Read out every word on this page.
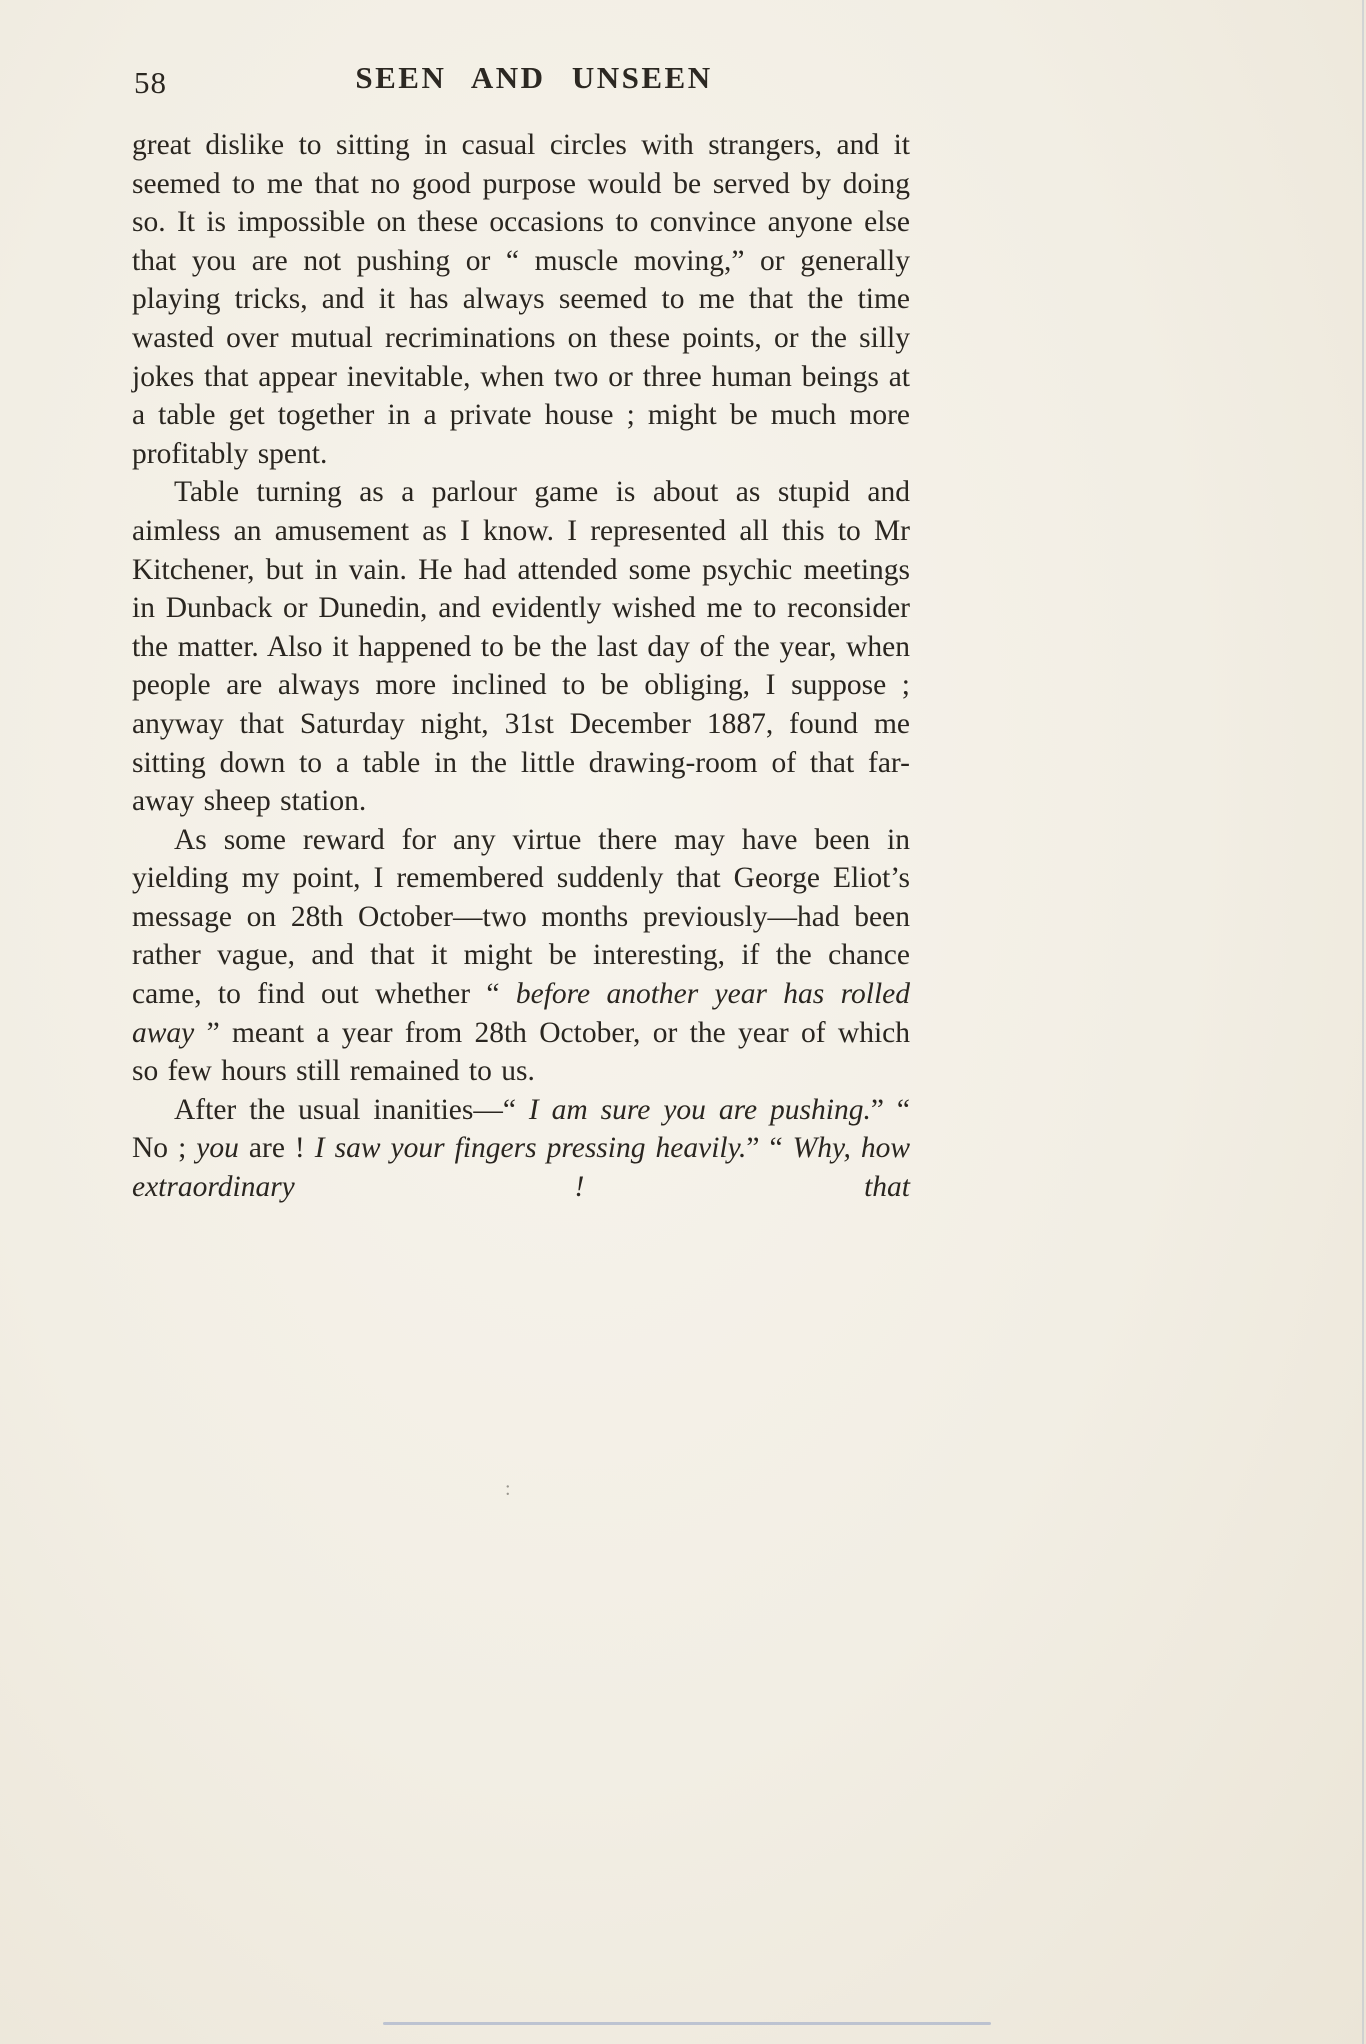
58	SEEN AND UNSEEN

great dislike to sitting in casual circles with strangers, and it seemed to me that no good purpose would be served by doing so. It is impossible on these occasions to convince anyone else that you are not pushing or “ muscle moving,” or generally playing tricks, and it has always seemed to me that the time wasted over mutual recriminations on these points, or the silly jokes that appear inevitable, when two or three human beings at a table get together in a private house ; might be much more profitably spent.

Table turning as a parlour game is about as stupid and aimless an amusement as I know. I represented all this to Mr Kitchener, but in vain. He had attended some psychic meetings in Dunback or Dunedin, and evidently wished me to reconsider the matter. Also it happened to be the last day of the year, when people are always more inclined to be obliging, I suppose ; anyway that Saturday night, 31st December 1887, found me sitting down to a table in the little drawing-room of that far-away sheep station.

As some reward for any virtue there may have been in yielding my point, I remembered suddenly that George Eliot’s message on 28th October—two months previously—had been rather vague, and that it might be interesting, if the chance came, to find out whether “ before another year has rolled away ” meant a year from 28th October, or the year of which so few hours still remained to us.

After the usual inanities—“ I am sure you are pushing.” “ No ; you are ! I saw your fingers pressing heavily.” “ Why, how extraordinary ! that

:
